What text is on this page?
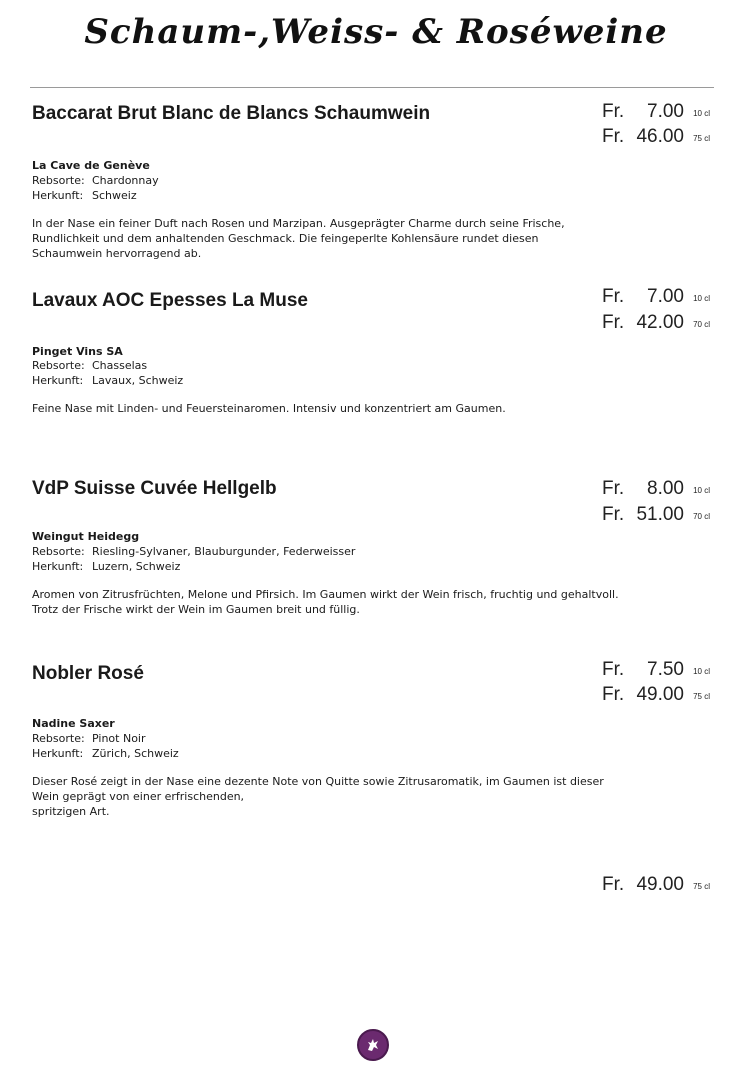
Schaum-,Weiss- & Roséweine
Baccarat Brut Blanc de Blancs Schaumwein
La Cave de Genève
Rebsorte: Chardonnay
Herkunft: Schweiz
In der Nase ein feiner Duft nach Rosen und Marzipan. Ausgeprägter Charme durch seine Frische, Rundlichkeit und dem anhaltenden Geschmack. Die feingeperlte Kohlensäure rundet diesen Schaumwein hervorragend ab.
Fr. 7.00 10 cl
Fr. 46.00 75 cl
Lavaux AOC Epesses La Muse
Pinget Vins SA
Rebsorte: Chasselas
Herkunft: Lavaux, Schweiz
Feine Nase mit Linden- und Feuersteinaromen. Intensiv und konzentriert am Gaumen.
Fr. 7.00 10 cl
Fr. 42.00 70 cl
VdP Suisse Cuvée Hellgelb
Weingut Heidegg
Rebsorte: Riesling-Sylvaner, Blauburgunder, Federweisser
Herkunft: Luzern, Schweiz
Aromen von Zitrusfrüchten, Melone und Pfirsich. Im Gaumen wirkt der Wein frisch, fruchtig und gehaltvoll. Trotz der Frische wirkt der Wein im Gaumen breit und füllig.
Fr. 8.00 10 cl
Fr. 51.00 70 cl
Nobler Rosé
Nadine Saxer
Rebsorte: Pinot Noir
Herkunft: Zürich, Schweiz
Dieser Rosé zeigt in der Nase eine dezente Note von Quitte sowie Zitrusaromatik, im Gaumen ist dieser
Wein geprägt von einer erfrischenden,
spritzigen Art.
Fr. 7.50 10 cl
Fr. 49.00 75 cl
Fr. 49.00 75 cl
